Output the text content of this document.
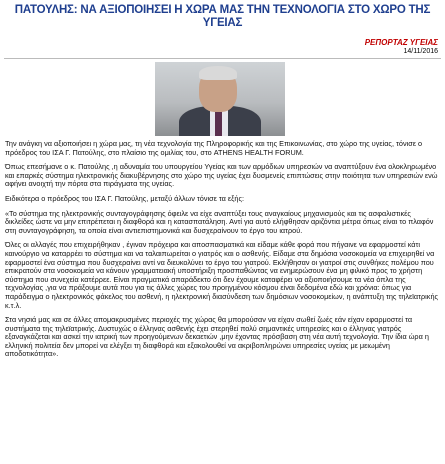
ΠΑΤΟΥΛΗΣ: ΝΑ ΑΞΙΟΠΟΙΗΣΕΙ Η ΧΩΡΑ ΜΑΣ ΤΗΝ ΤΕΧΝΟΛΟΓΙΑ ΣΤΟ ΧΩΡΟ ΤΗΣ ΥΓΕΙΑΣ
ΡΕΠΟΡΤΑΖ ΥΓΕΙΑΣ
14/11/2016

Την ανάγκη να αξιοποιήσει η χώρα μας, τη νέα τεχνολογία της Πληροφορικής και της Επικοινωνίας, στο χώρο της υγείας, τόνισε ο πρόεδρος του ΙΣΑ Γ. Πατούλης, στο πλαίσιο της ομιλίας του, στο ATHENS HEALTH FORUM.

Όπως επεσήμανε ο κ. Πατούλης ,η αδυναμία του υπουργείου Υγείας και των αρμόδιων υπηρεσιών να αναπτύξουν ένα ολοκληρωμένο και επαρκές σύστημα ηλεκτρονικής διακυβέρνησης στο χώρο της υγείας έχει δυσμενείς επιπτώσεις στην ποιότητα των υπηρεσιών ενώ αφήνει ανοιχτή την πόρτα στα πιράγματα της υγείας.

Ειδικότερα ο πρόεδρος του ΙΣΑ Γ. Πατούλης, μεταξύ άλλων τόνισε τα εξής:

«Το σύστημα της ηλεκτρονικής συνταγογράφησης όφειλε να είχε αναπτύξει τους αναγκαίους μηχανισμούς και τις ασφαλιστικές δικλείδες ώστε να μην επιτρέπεται η διαφθορά και η κατασπατάληση. Αντί για αυτό ελήφθησαν αριζόντια μέτρα όπως είναι το πλαφόν στη συνταγογράφηση, τα οποία είναι αντιεπιστημονικά και δυσχεραίνουν το έργο του ιατρού.

Όλες οι αλλαγές που επιχειρήθηκαν , έγιναν πρόχειρα και αποσπασματικά και είδαμε κάθε φορά που πήγαινε να εφαρμοστεί κάτι καινούργιο να καταρρέει το σύστημα και να ταλαιπωρείται ο γιατρός και ο ασθενής. Είδαμε στα δημόσια νοσοκομεία να επιχειρηθεί να εφαρμοστεί ένα σύστημα που δυσχεραίνει αντί να διευκολύνει το έργο του γιατρού. Εκλήθησαν οι γιατροί στις συνθήκες πολέμου που επικρατούν στα νοσοκομεία να κάνουν γραμματειακή υποστήριξη προσπαθώντας να ενημερώσουν ένα μη φιλικό προς το χρήστη σύστημα που συνεχεία κατέρρεε. Είναι πραγματικά απαράδεκτο ότι δεν έχουμε καταφέρει να αξιοποιήσουμε τα νέα όπλα της τεχνολογίας ,για να πράξουμε αυτά που για τις άλλες χώρες του προηγμένου κόσμου είναι δεδομένα εδώ και χρόνια: όπως για παράδειγμα ο ηλεκτρονικός φάκελος του ασθενή, η ηλεκτρονική διασύνδεση των δημόσιων νοσοκομείων, η ανάπτυξη της τηλεϊατρικής κ.τ.λ.

Στα νησιά μας και σε άλλες απομακρυσμένες περιοχές της χώρας θα μπορούσαν να είχαν σωθεί ζωές εάν είχαν εφαρμοστεί τα συστήματα της τηλεϊατρικής. Δυστυχώς ο έλληνας ασθενής έχει στερηθεί πολύ σημαντικές υπηρεσίες και ο έλληνας γιατρός εξαναγκάζεται και ασκεί την ιατρική των προηγούμενων δεκαετιών ,μην έχοντας πρόσβαση στη νέα αυτή τεχνολογία. Την ίδια ώρα η ελληνική πολιτεία δεν μπορεί να ελέγξει τη διαφθορά και εξακολουθεί να ακριβοπληρώνει υπηρεσίες υγείας με μειωμένη αποδοτικότητα».
